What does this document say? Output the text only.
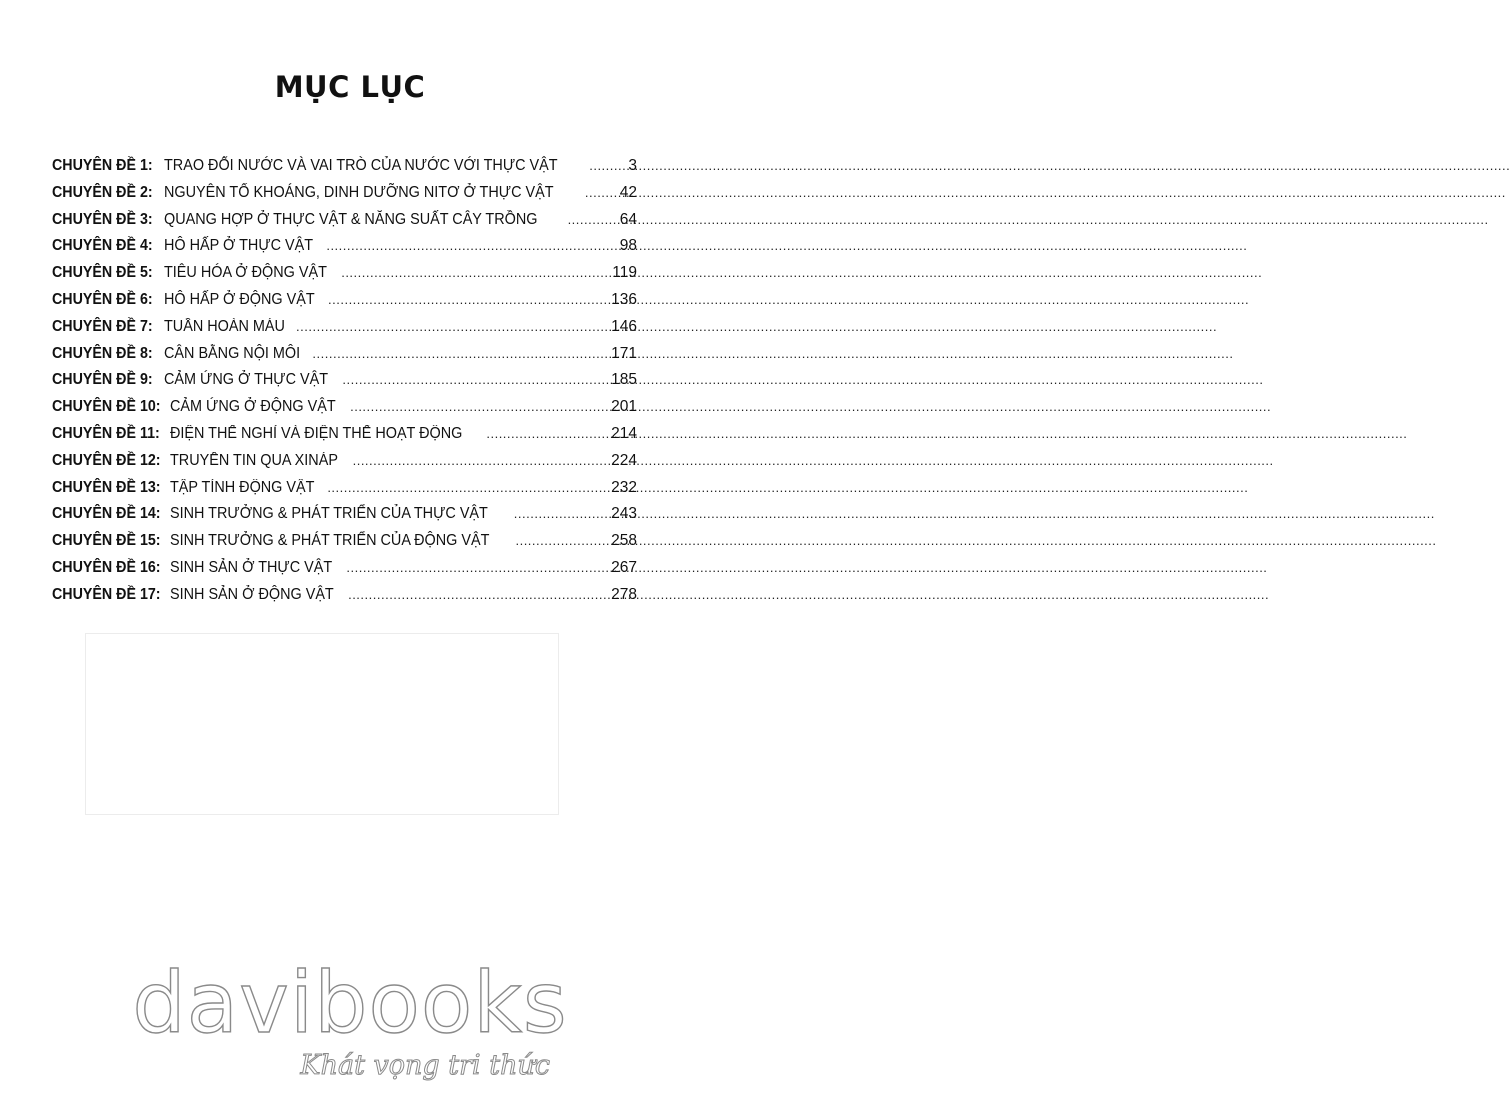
MỤC LỤC
CHUYÊN ĐỀ 1: TRAO ĐỔI NƯỚC VÀ VAI TRÒ CỦA NƯỚC VỚI THỰC VẬT .....	3
CHUYÊN ĐỀ 2: NGUYÊN TỐ KHOÁNG, DINH DƯỠNG NITƠ Ở THỰC VẬT .....	42
CHUYÊN ĐỀ 3: QUANG HỢP Ở THỰC VẬT & NĂNG SUẤT CÂY TRỒNG .....	64
CHUYÊN ĐỀ 4: HÔ HẤP Ở THỰC VẬT .....	98
CHUYÊN ĐỀ 5: TIÊU HÓA Ở ĐỘNG VẬT .....	119
CHUYÊN ĐỀ 6: HÔ HẤP Ở ĐỘNG VẬT .....	136
CHUYÊN ĐỀ 7: TUẦN HOÀN MÁU .....	146
CHUYÊN ĐỀ 8: CÂN BẰNG NỘI MÔI .....	171
CHUYÊN ĐỀ 9: CẢM ỨNG Ở THỰC VẬT .....	185
CHUYÊN ĐỀ 10: CẢM ỨNG Ở ĐỘNG VẬT .....	201
CHUYÊN ĐỀ 11: ĐIỆN THẾ NGHỈ VÀ ĐIỆN THẾ HOẠT ĐỘNG .....	214
CHUYÊN ĐỀ 12: TRUYỀN TIN QUA XINÁP .....	224
CHUYÊN ĐỀ 13: TẬP TÍNH ĐỘNG VẬT .....	232
CHUYÊN ĐỀ 14: SINH TRƯỞNG & PHÁT TRIỂN CỦA THỰC VẬT .....	243
CHUYÊN ĐỀ 15: SINH TRƯỞNG & PHÁT TRIỂN CỦA ĐỘNG VẬT .....	258
CHUYÊN ĐỀ 16: SINH SẢN Ở THỰC VẬT .....	267
CHUYÊN ĐỀ 17: SINH SẢN Ở ĐỘNG VẬT .....	278
davibooks
Khát vọng tri thức
